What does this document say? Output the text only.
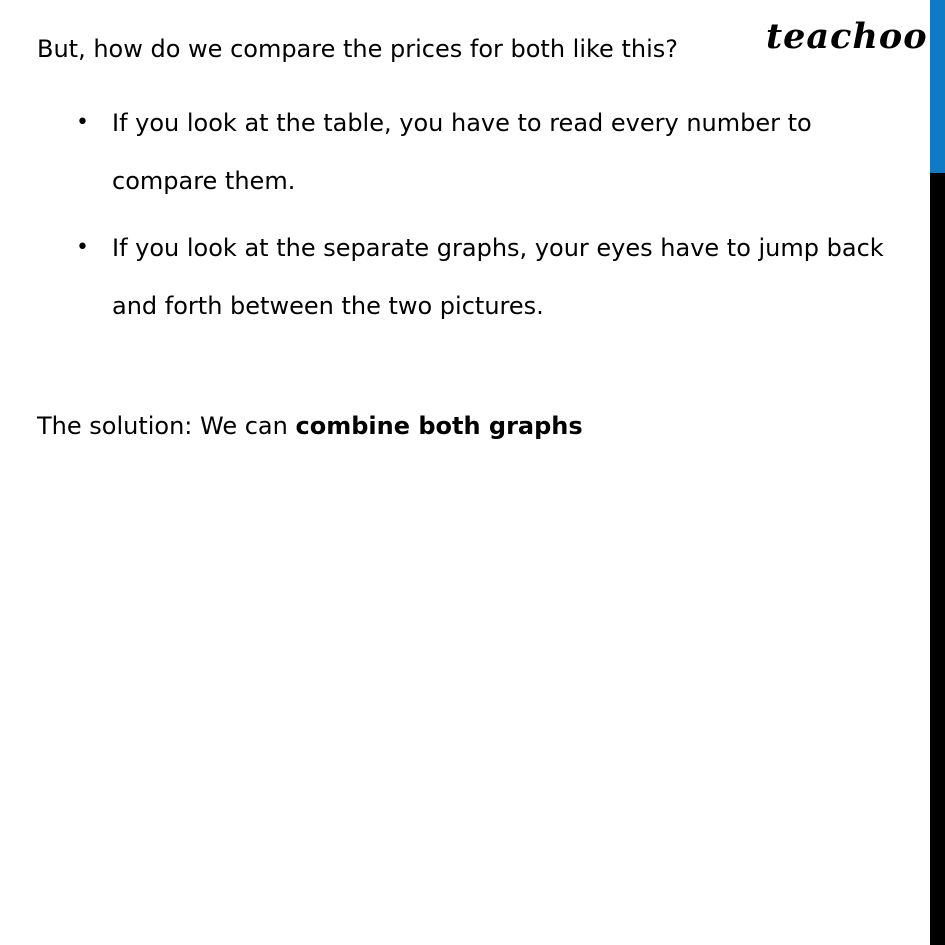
teachoo

But, how do we compare the prices for both like this?

• If you look at the table, you have to read every number to compare them.
• If you look at the separate graphs, your eyes have to jump back and forth between the two pictures.

The solution: We can combine both graphs
